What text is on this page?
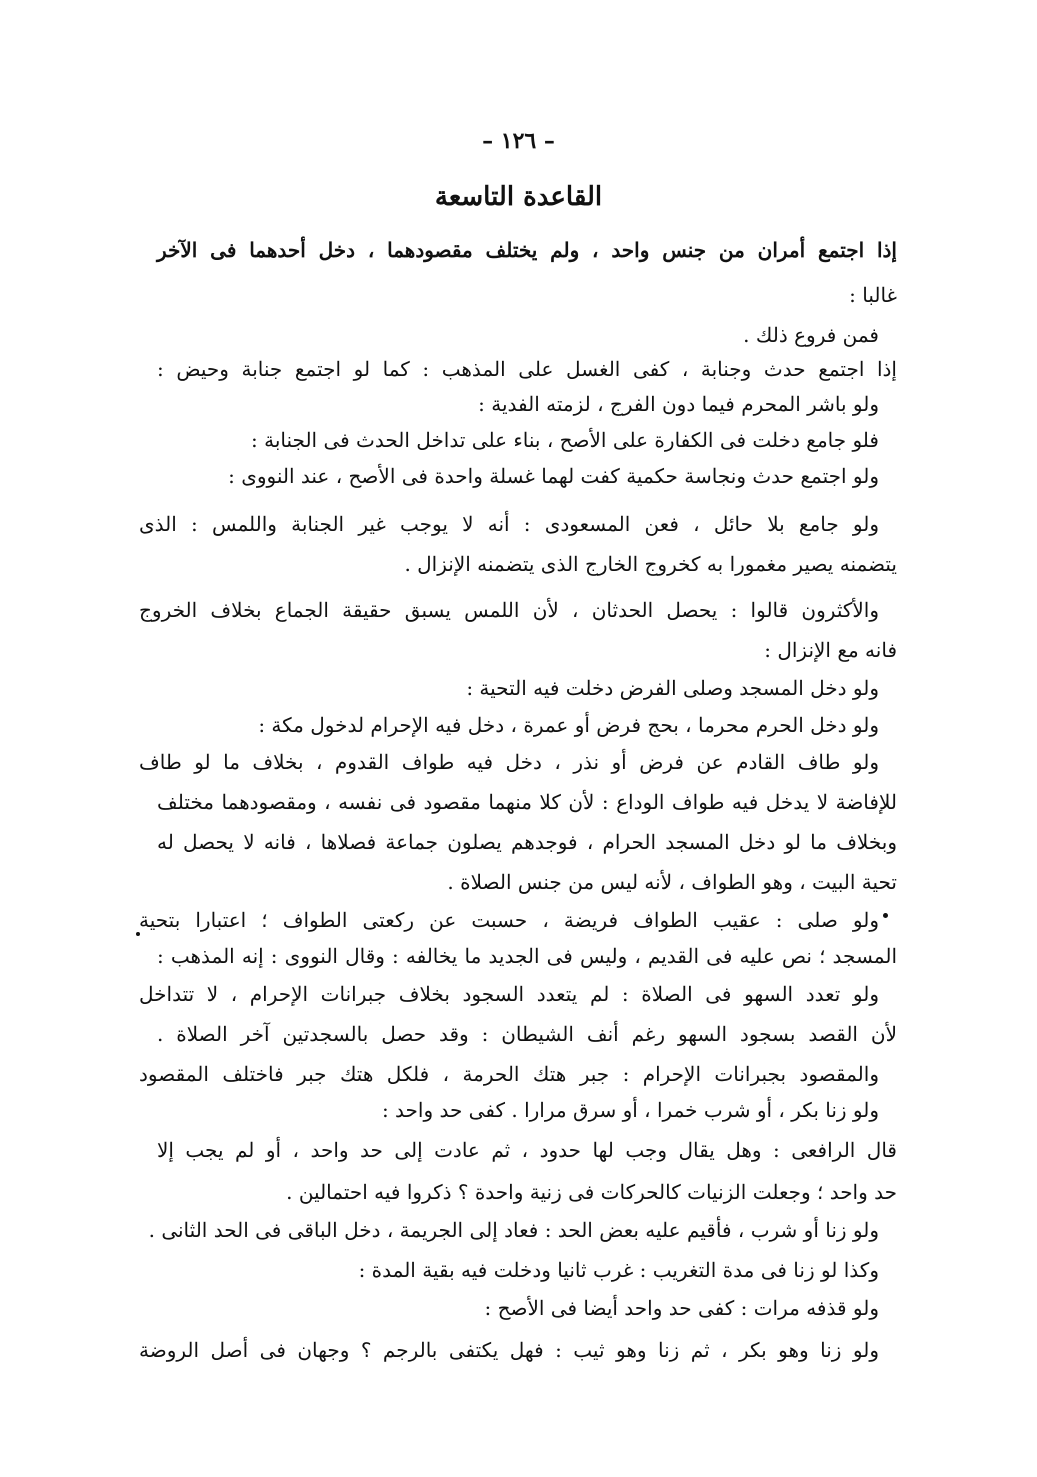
– ١٢٦ –
القاعدة التاسعة
إذا اجتمع أمران من جنس واحد ، ولم يختلف مقصودهما ، دخل أحدهما فى الآخر
غالبا :
فمن فروع ذلك .
إذا اجتمع حدث وجنابة ، كفى الغسل على المذهب : كما لو اجتمع جنابة وحيض :
ولو باشر المحرم فيما دون الفرج ، لزمته الفدية :
فلو جامع دخلت فى الكفارة على الأصح ، بناء على تداخل الحدث فى الجنابة :
ولو اجتمع حدث ونجاسة حكمية كفت لهما غسلة واحدة فى الأصح ، عند النووى :
ولو جامع بلا حائل ، فعن المسعودى : أنه لا يوجب غير الجنابة واللمس : الذى
يتضمنه يصير مغمورا به كخروج الخارج الذى يتضمنه الإنزال .
والأكثرون قالوا : يحصل الحدثان ، لأن اللمس يسبق حقيقة الجماع بخلاف الخروج
فانه مع الإنزال :
ولو دخل المسجد وصلى الفرض دخلت فيه التحية :
ولو دخل الحرم محرما ، بحج فرض أو عمرة ، دخل فيه الإحرام لدخول مكة :
ولو طاف القادم عن فرض أو نذر ، دخل فيه طواف القدوم ، بخلاف ما لو طاف
للإفاضة لا يدخل فيه طواف الوداع : لأن كلا منهما مقصود فى نفسه ، ومقصودهما مختلف
وبخلاف ما لو دخل المسجد الحرام ، فوجدهم يصلون جماعة فصلاها ، فانه لا يحصل له
تحية البيت ، وهو الطواف ، لأنه ليس من جنس الصلاة .
ولو صلى : عقيب الطواف فريضة ، حسبت عن ركعتى الطواف ؛ اعتبارا بتحية
المسجد ؛ نص عليه فى القديم ، وليس فى الجديد ما يخالفه : وقال النووى : إنه المذهب :
ولو تعدد السهو فى الصلاة : لم يتعدد السجود بخلاف جبرانات الإحرام ، لا تتداخل
لأن القصد بسجود السهو رغم أنف الشيطان : وقد حصل بالسجدتين آخر الصلاة .
والمقصود بجبرانات الإحرام : جبر هتك الحرمة ، فلكل هتك جبر فاختلف المقصود
ولو زنا بكر ، أو شرب خمرا ، أو سرق مرارا . كفى حد واحد :
قال الرافعى : وهل يقال وجب لها حدود ، ثم عادت إلى حد واحد ، أو لم يجب إلا
حد واحد ؛ وجعلت الزنيات كالحركات فى زنية واحدة ؟ ذكروا فيه احتمالين .
ولو زنا أو شرب ، فأقيم عليه بعض الحد : فعاد إلى الجريمة ، دخل الباقى فى الحد الثانى .
وكذا لو زنا فى مدة التغريب : غرب ثانيا ودخلت فيه بقية المدة :
ولو قذفه مرات : كفى حد واحد أيضا فى الأصح :
ولو زنا وهو بكر ، ثم زنا وهو ثيب : فهل يكتفى بالرجم ؟ وجهان فى أصل الروضة
